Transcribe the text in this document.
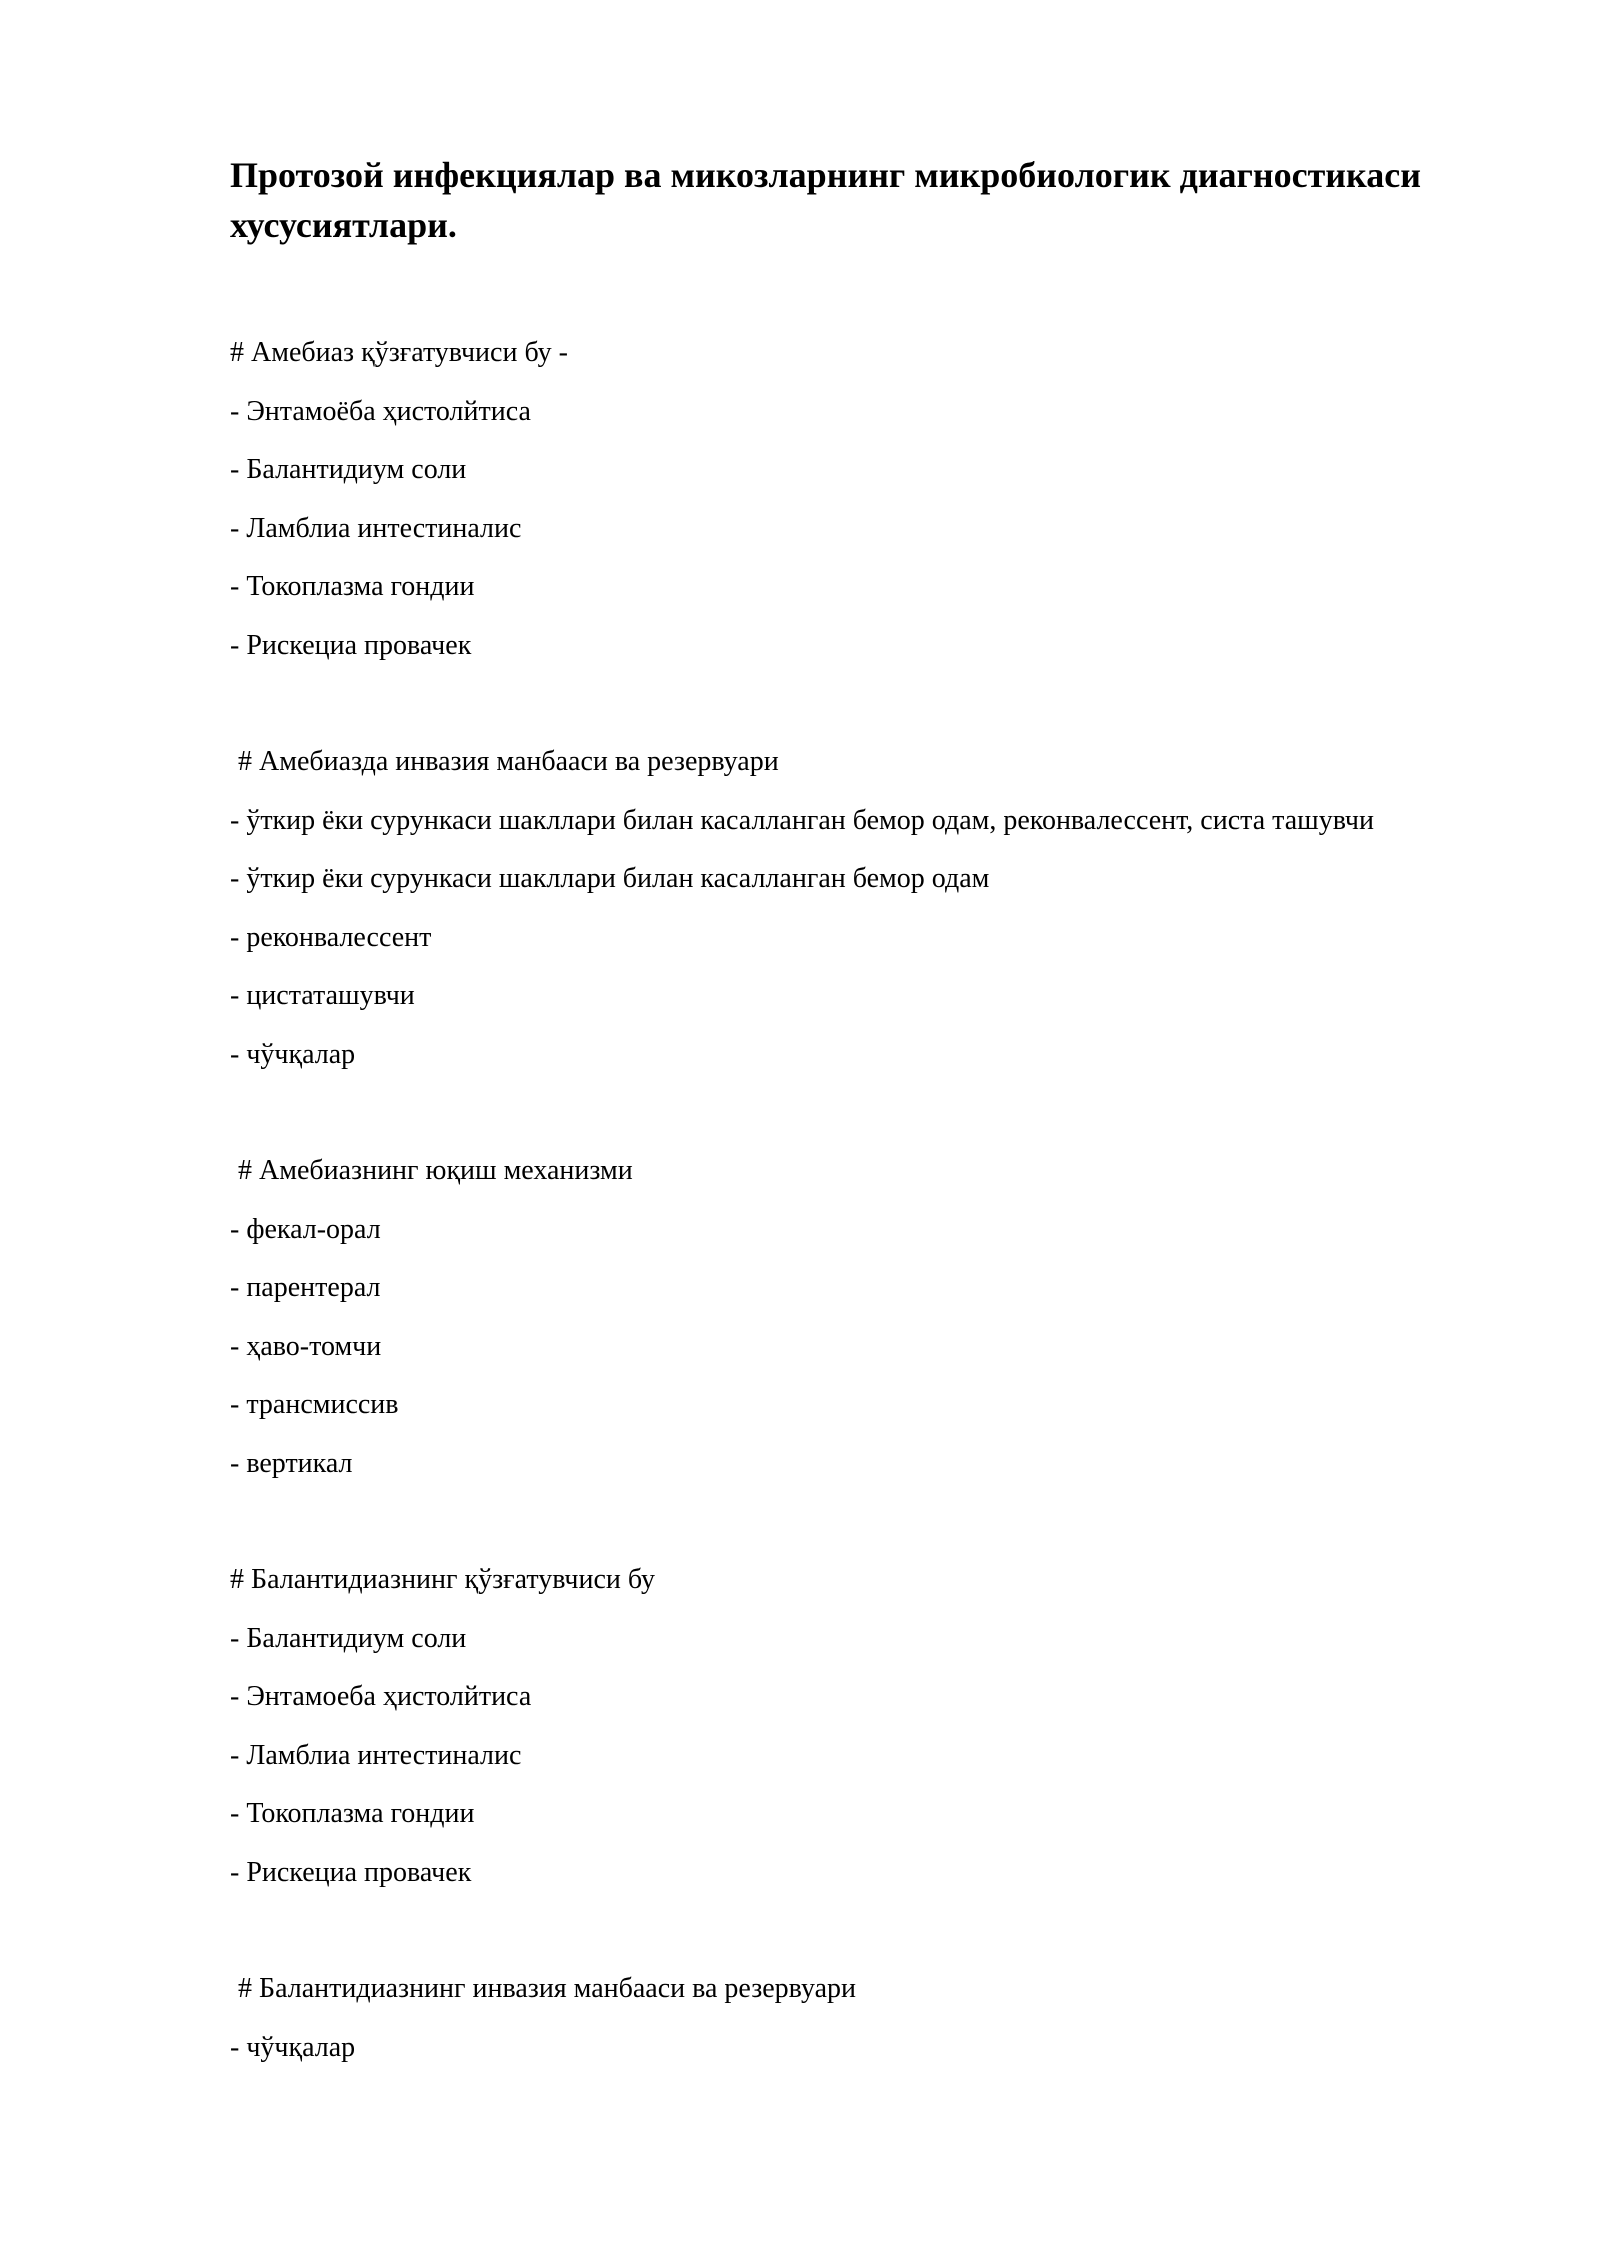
Протозой инфекциялар ва микозларнинг микробиологик диагностикаси хусусиятлари.

# Амебиаз қўзғатувчиси бу -

- Энтамоёба ҳистолйтиса

- Балантидиум соли

- Ламблиа интестиналис

- Токоплазма гондии

- Рискециа провачек

# Амебиазда инвазия манбааси ва резервуари

- ўткир ёки сурункаси шакллари билан касалланган бемор одам, реконвалессент, систа ташувчи

- ўткир ёки сурункаси шакллари билан касалланган бемор одам

- реконвалессент

- цистаташувчи

- чўчқалар

# Амебиазнинг юқиш механизми

- фекал-орал

- парентерал

- ҳаво-томчи

- трансмиссив

- вертикал

# Балантидиазнинг қўзғатувчиси бу

- Балантидиум соли

- Энтамоеба ҳистолйтиса

- Ламблиа интестиналис

- Токоплазма гондии

- Рискециа провачек

# Балантидиазнинг инвазия манбааси ва резервуари

- чўчқалар
